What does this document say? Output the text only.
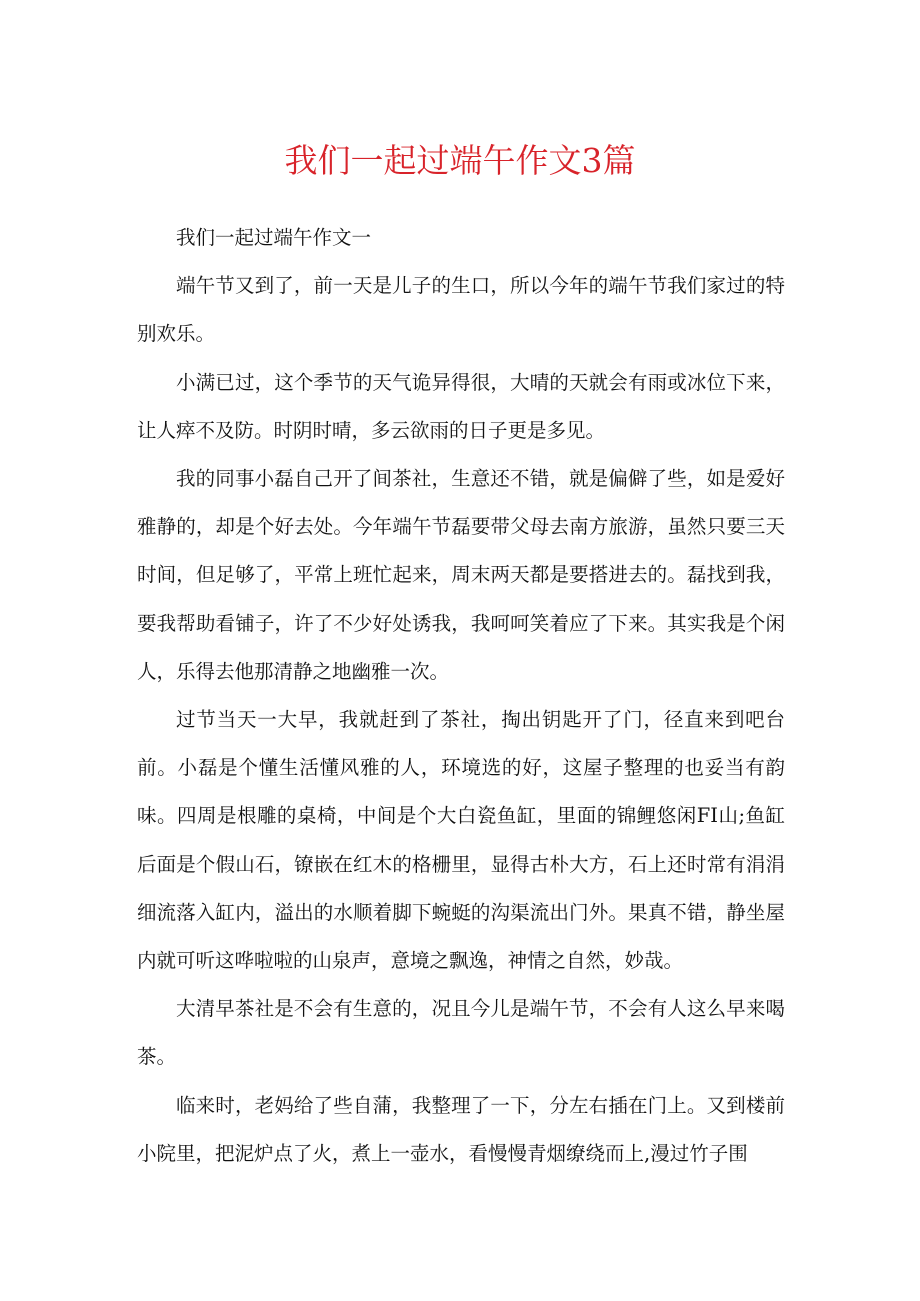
我们一起过端午作文3篇

我们一起过端午作文一

端午节又到了，前一天是儿子的生口，所以今年的端午节我们家过的特别欢乐。

小满已过，这个季节的天气诡异得很，大晴的天就会有雨或冰位下来，让人瘁不及防。时阴时晴，多云欲雨的日子更是多见。

我的同事小磊自己开了间茶社，生意还不错，就是偏僻了些，如是爱好雅静的，却是个好去处。今年端午节磊要带父母去南方旅游，虽然只要三天时间，但足够了，平常上班忙起来，周末两天都是要搭进去的。磊找到我，要我帮助看铺子，许了不少好处诱我，我呵呵笑着应了下来。其实我是个闲人，乐得去他那清静之地幽雅一次。

过节当天一大早，我就赶到了茶社，掏出钥匙开了门，径直来到吧台前。小磊是个懂生活懂风雅的人，环境选的好，这屋子整理的也妥当有韵味。四周是根雕的桌椅，中间是个大白瓷鱼缸，里面的锦鲤悠闲FI山;鱼缸后面是个假山石，镣嵌在红木的格栅里，显得古朴大方，石上还时常有涓涓细流落入缸内，溢出的水顺着脚下蜿蜓的沟渠流出门外。果真不错，静坐屋内就可听这哗啦啦的山泉声，意境之飘逸，神情之自然，妙哉。

大清早茶社是不会有生意的，况且今儿是端午节，不会有人这么早来喝茶。

临来时，老妈给了些自蒲，我整理了一下，分左右插在门上。又到楼前小院里，把泥炉点了火，煮上一壶水，看慢慢青烟缭绕而上,漫过竹子围
